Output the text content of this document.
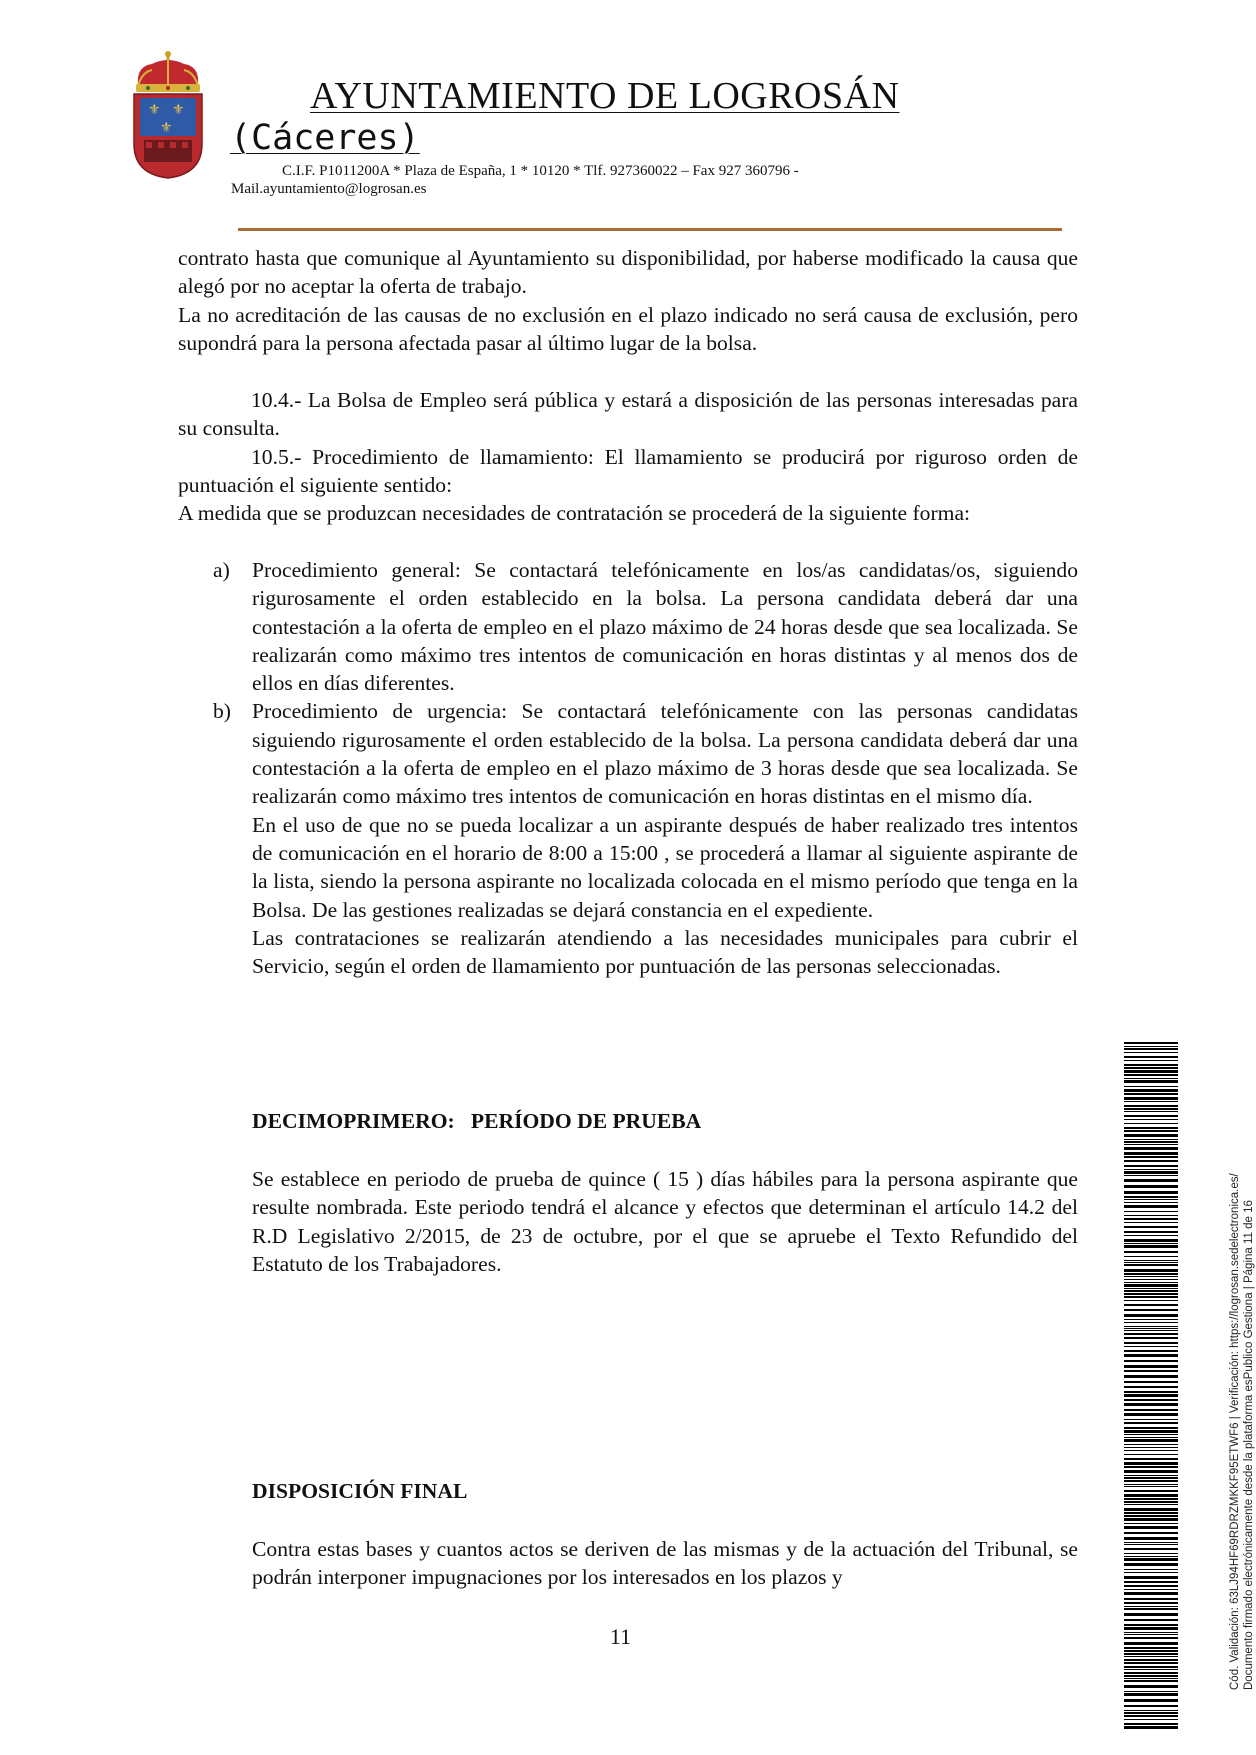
⚜ ⚜
⚜
AYUNTAMIENTO DE LOGROSÁN
(Cáceres)
C.I.F. P1011200A * Plaza de España, 1 * 10120 * Tlf. 927360022 – Fax 927 360796 -
Mail.ayuntamiento@logrosan.es

contrato hasta que comunique al Ayuntamiento su disponibilidad, por haberse modificado la causa que alegó por no aceptar la oferta de trabajo.

La no acreditación de las causas de no exclusión en el plazo indicado no será causa de exclusión, pero supondrá para la persona afectada pasar al último lugar de la bolsa.

10.4.- La Bolsa de Empleo será pública y estará a disposición de las personas interesadas para su consulta.

10.5.- Procedimiento de llamamiento: El llamamiento se producirá por riguroso orden de puntuación el siguiente sentido:

A medida que se produzcan necesidades de contratación se procederá de la siguiente forma:

a) Procedimiento general: Se contactará telefónicamente en los/as candidatas/os, siguiendo rigurosamente el orden establecido en la bolsa. La persona candidata deberá dar una contestación a la oferta de empleo en el plazo máximo de 24 horas desde que sea localizada. Se realizarán como máximo tres intentos de comunicación en horas distintas y al menos dos de ellos en días diferentes.
b) Procedimiento de urgencia: Se contactará telefónicamente con las personas candidatas siguiendo rigurosamente el orden establecido de la bolsa. La persona candidata deberá dar una contestación a la oferta de empleo en el plazo máximo de 3 horas desde que sea localizada. Se realizarán como máximo tres intentos de comunicación en horas distintas en el mismo día.
En el uso de que no se pueda localizar a un aspirante después de haber realizado tres intentos de comunicación en el horario de 8:00 a 15:00 , se procederá a llamar al siguiente aspirante de la lista, siendo la persona aspirante no localizada colocada en el mismo período que tenga en la Bolsa. De las gestiones realizadas se dejará constancia en el expediente.
Las contrataciones se realizarán atendiendo a las necesidades municipales para cubrir el Servicio, según el orden de llamamiento por puntuación de las personas seleccionadas.
DECIMOPRIMERO:   PERÍODO DE PRUEBA
Se establece en periodo de prueba de quince ( 15 ) días hábiles para la persona aspirante que resulte nombrada. Este periodo tendrá el alcance y efectos que determinan el artículo 14.2 del R.D Legislativo 2/2015, de 23 de octubre, por el que se apruebe el Texto Refundido del Estatuto de los Trabajadores.
DISPOSICIÓN FINAL
Contra estas bases y cuantos actos se deriven de las mismas y de la actuación del Tribunal, se podrán interponer impugnaciones por los interesados en los plazos y
11	Cód. Validación: 63LJ94HF69RDRZMKKF95ETWF6 | Verificación: https://logrosan.sedelectronica.es/ Documento firmado electrónicamente desde la plataforma esPublico Gestiona | Página 11 de 16
